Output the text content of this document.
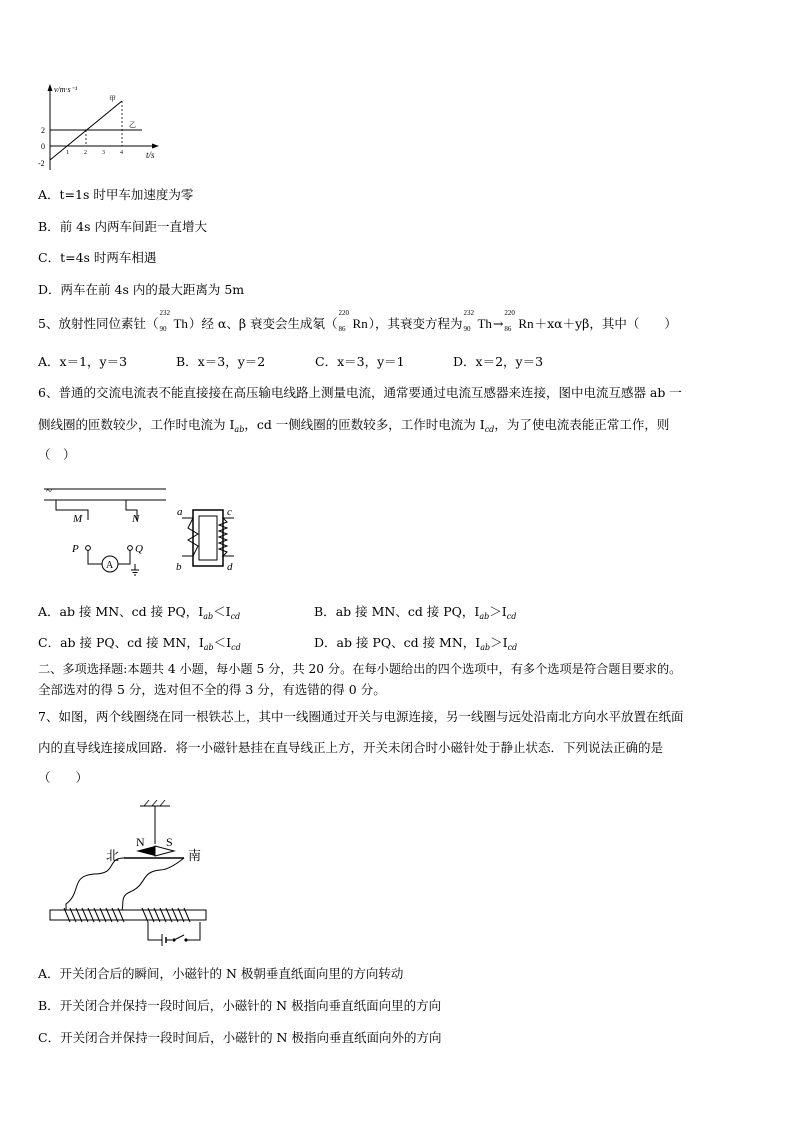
v/m·s⁻¹
t/s
2
0
-2
1	2	3	4
甲
乙
A．t=1s 时甲车加速度为零
B．前 4s 内两车间距一直增大
C．t=4s 时两车相遇
D．两车在前 4s 内的最大距离为 5m
5、放射性同位素钍（
232
90 Th）经 α、β 衰变会生成氡（
220
86 Rn），其衰变方程为
232
90 Th→
220
86 Rn＋xα＋yβ，其中（　　）
A．x＝1，y＝3	B．x＝3，y＝2	C．x＝3，y＝1	D．x＝2，y＝3
6、普通的交流电流表不能直接接在高压输电线路上测量电流，通常要通过电流互感器来连接，图中电流互感器 ab 一
侧线圈的匝数较少，工作时电流为 $I_{ab}$，cd 一侧线圈的匝数较多，工作时电流为 $I_{cd}$，为了使电流表能正常工作，则
（　）
~
M	N
P	Q
A
a
b
c
d
A．ab 接 MN、cd 接 PQ，$I_{ab}<I_{cd}$	B．ab 接 MN、cd 接 PQ，$I_{ab}>I_{cd}$
C．ab 接 PQ、cd 接 MN，$I_{ab}<I_{cd}$	D．ab 接 PQ、cd 接 MN，$I_{ab}>I_{cd}$
二、多项选择题:本题共 4 小题，每小题 5 分，共 20 分。在每小题给出的四个选项中，有多个选项是符合题目要求的。
全部选对的得 5 分，选对但不全的得 3 分，有选错的得 0 分。
7、如图，两个线圈绕在同一根铁芯上，其中一线圈通过开关与电源连接，另一线圈与远处沿南北方向水平放置在纸面
内的直导线连接成回路．将一小磁针悬挂在直导线正上方，开关未闭合时小磁针处于静止状态．下列说法正确的是
（　　）
N S
北	南
A．开关闭合后的瞬间，小磁针的 N 极朝垂直纸面向里的方向转动
B．开关闭合并保持一段时间后，小磁针的 N 极指向垂直纸面向里的方向
C．开关闭合并保持一段时间后，小磁针的 N 极指向垂直纸面向外的方向
